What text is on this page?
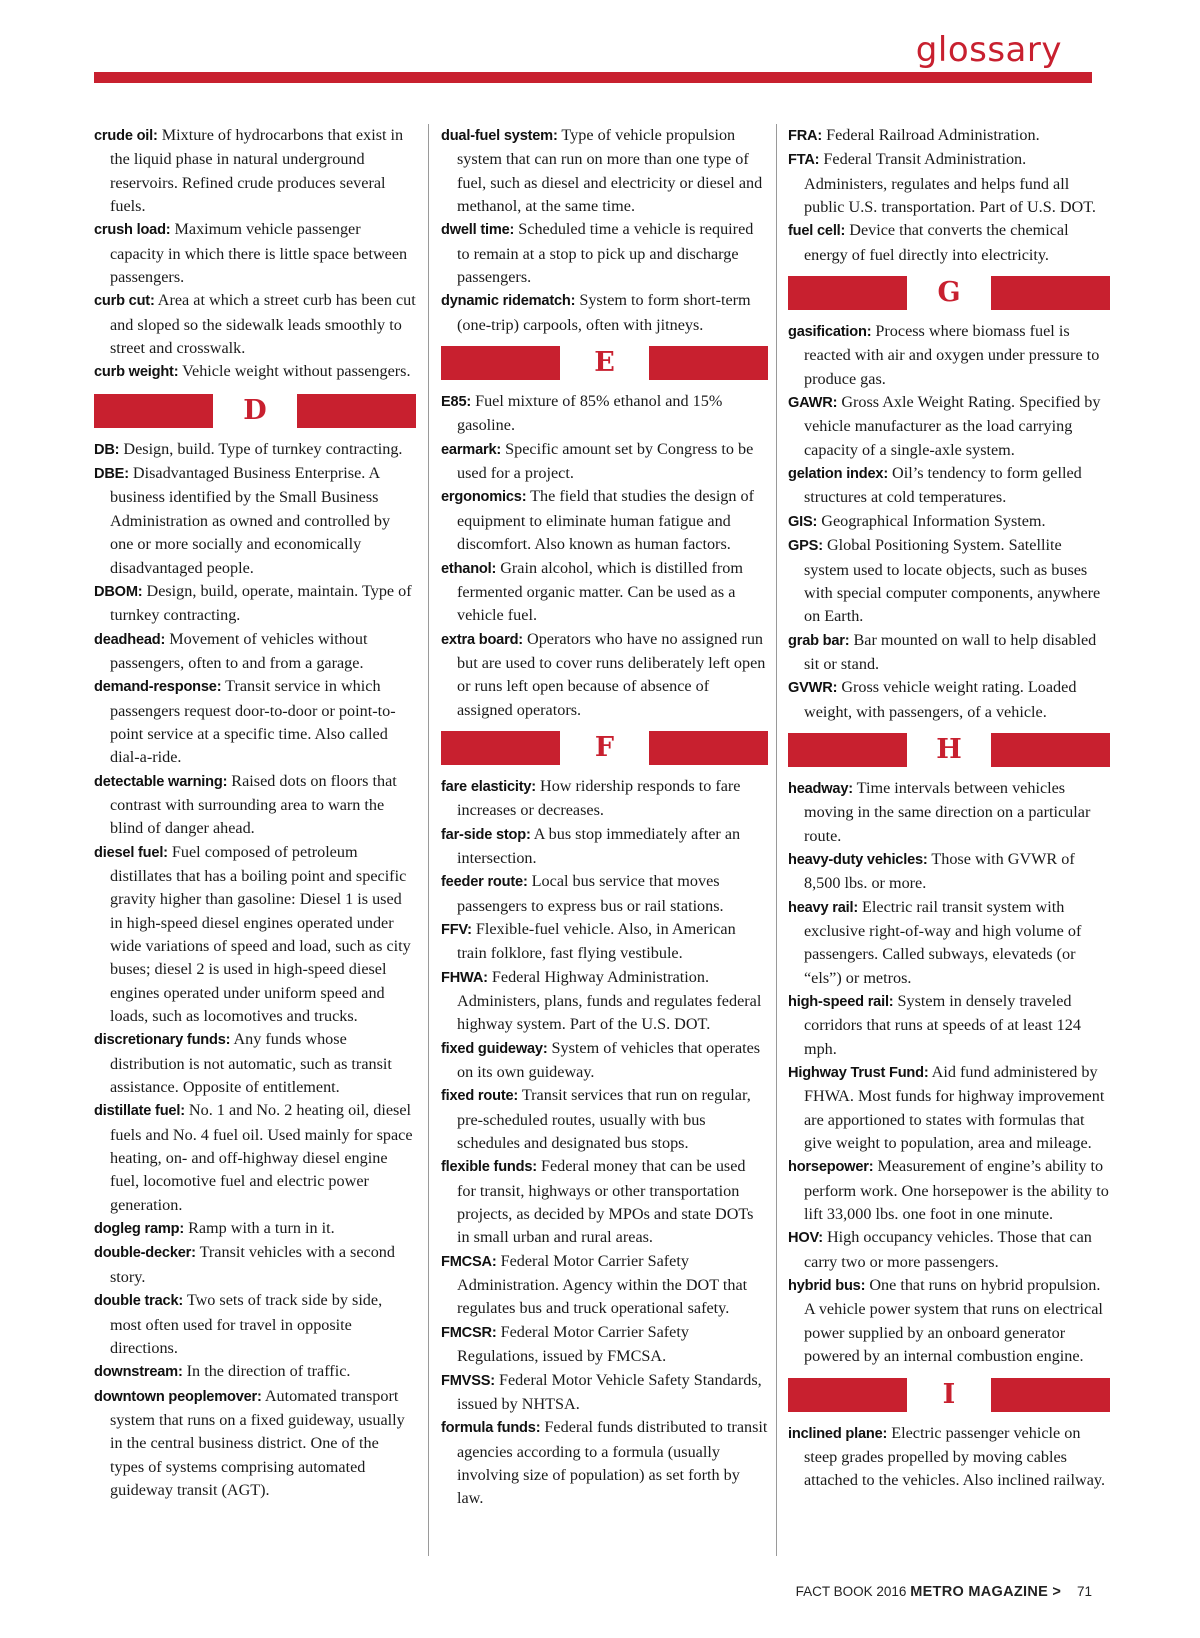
glossary

crude oil: Mixture of hydrocarbons that exist in the liquid phase in natural underground reservoirs. Refined crude produces several fuels.

crush load: Maximum vehicle passenger capacity in which there is little space between passengers.

curb cut: Area at which a street curb has been cut and sloped so the sidewalk leads smoothly to street and crosswalk.

curb weight: Vehicle weight without passengers.

D

DB: Design, build. Type of turnkey contracting.

DBE: Disadvantaged Business Enterprise. A business identified by the Small Business Administration as owned and controlled by one or more socially and economically disadvantaged people.

DBOM: Design, build, operate, maintain. Type of turnkey contracting.

deadhead: Movement of vehicles without passengers, often to and from a garage.

demand-response: Transit service in which passengers request door-to-door or point-to-point service at a specific time. Also called dial-a-ride.

detectable warning: Raised dots on floors that contrast with surrounding area to warn the blind of danger ahead.

diesel fuel: Fuel composed of petroleum distillates that has a boiling point and specific gravity higher than gasoline: Diesel 1 is used in high-speed diesel engines operated under wide variations of speed and load, such as city buses; diesel 2 is used in high-speed diesel engines operated under uniform speed and loads, such as locomotives and trucks.

discretionary funds: Any funds whose distribution is not automatic, such as transit assistance. Opposite of entitlement.

distillate fuel: No. 1 and No. 2 heating oil, diesel fuels and No. 4 fuel oil. Used mainly for space heating, on- and off-highway diesel engine fuel, locomotive fuel and electric power generation.

dogleg ramp: Ramp with a turn in it.

double-decker: Transit vehicles with a second story.

double track: Two sets of track side by side, most often used for travel in opposite directions.

downstream: In the direction of traffic.

downtown peoplemover: Automated transport system that runs on a fixed guideway, usually in the central business district. One of the types of systems comprising automated guideway transit (AGT).

dual-fuel system: Type of vehicle propulsion system that can run on more than one type of fuel, such as diesel and electricity or diesel and methanol, at the same time.

dwell time: Scheduled time a vehicle is required to remain at a stop to pick up and discharge passengers.

dynamic ridematch: System to form short-term (one-trip) carpools, often with jitneys.

E

E85: Fuel mixture of 85% ethanol and 15% gasoline.

earmark: Specific amount set by Congress to be used for a project.

ergonomics: The field that studies the design of equipment to eliminate human fatigue and discomfort. Also known as human factors.

ethanol: Grain alcohol, which is distilled from fermented organic matter. Can be used as a vehicle fuel.

extra board: Operators who have no assigned run but are used to cover runs deliberately left open or runs left open because of absence of assigned operators.

F

fare elasticity: How ridership responds to fare increases or decreases.

far-side stop: A bus stop immediately after an intersection.

feeder route: Local bus service that moves passengers to express bus or rail stations.

FFV: Flexible-fuel vehicle. Also, in American train folklore, fast flying vestibule.

FHWA: Federal Highway Administration. Administers, plans, funds and regulates federal highway system. Part of the U.S. DOT.

fixed guideway: System of vehicles that operates on its own guideway.

fixed route: Transit services that run on regular, pre-scheduled routes, usually with bus schedules and designated bus stops.

flexible funds: Federal money that can be used for transit, highways or other transportation projects, as decided by MPOs and state DOTs in small urban and rural areas.

FMCSA: Federal Motor Carrier Safety Administration. Agency within the DOT that regulates bus and truck operational safety.

FMCSR: Federal Motor Carrier Safety Regulations, issued by FMCSA.

FMVSS: Federal Motor Vehicle Safety Standards, issued by NHTSA.

formula funds: Federal funds distributed to transit agencies according to a formula (usually involving size of population) as set forth by law.

FRA: Federal Railroad Administration.

FTA: Federal Transit Administration. Administers, regulates and helps fund all public U.S. transportation. Part of U.S. DOT.

fuel cell: Device that converts the chemical energy of fuel directly into electricity.

G

gasification: Process where biomass fuel is reacted with air and oxygen under pressure to produce gas.

GAWR: Gross Axle Weight Rating. Specified by vehicle manufacturer as the load carrying capacity of a single-axle system.

gelation index: Oil’s tendency to form gelled structures at cold temperatures.

GIS: Geographical Information System.

GPS: Global Positioning System. Satellite system used to locate objects, such as buses with special computer components, anywhere on Earth.

grab bar: Bar mounted on wall to help disabled sit or stand.

GVWR: Gross vehicle weight rating. Loaded weight, with passengers, of a vehicle.

H

headway: Time intervals between vehicles moving in the same direction on a particular route.

heavy-duty vehicles: Those with GVWR of 8,500 lbs. or more.

heavy rail: Electric rail transit system with exclusive right-of-way and high volume of passengers. Called subways, elevateds (or “els”) or metros.

high-speed rail: System in densely traveled corridors that runs at speeds of at least 124 mph.

Highway Trust Fund: Aid fund administered by FHWA. Most funds for highway improvement are apportioned to states with formulas that give weight to population, area and mileage.

horsepower: Measurement of engine’s ability to perform work. One horsepower is the ability to lift 33,000 lbs. one foot in one minute.

HOV: High occupancy vehicles. Those that can carry two or more passengers.

hybrid bus: One that runs on hybrid propulsion. A vehicle power system that runs on electrical power supplied by an onboard generator powered by an internal combustion engine.

I

inclined plane: Electric passenger vehicle on steep grades propelled by moving cables attached to the vehicles. Also inclined railway.

FACT BOOK 2016 METRO MAGAZINE > 71
